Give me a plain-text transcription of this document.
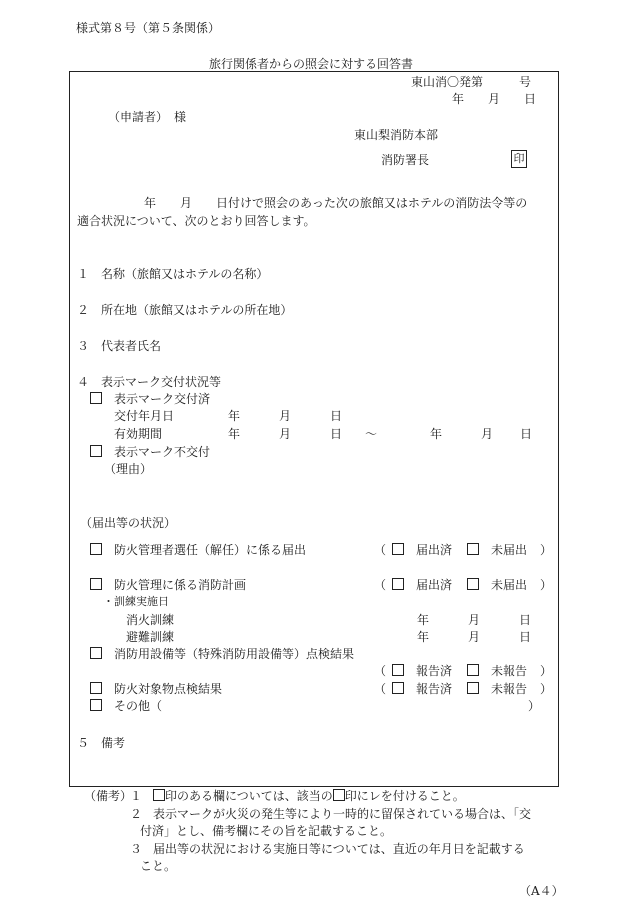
様式第８号（第５条関係）
旅行関係者からの照会に対する回答書
東山消〇発第　　　号
年　　月　　日
（申請者）　様
東山梨消防本部
消防署長	印
年　　月　　日付けで照会のあった次の旅館又はホテルの消防法令等の
適合状況について、次のとおり回答します。
１　名称（旅館又はホテルの名称）
２　所在地（旅館又はホテルの所在地）
３　代表者氏名
４　表示マーク交付状況等
表示マーク交付済
交付年月日	年	月	日
有効期間	年	月	日 ～	年	月 日
表示マーク不交付
（理由）
（届出等の状況）
防火管理者選任（解任）に係る届出	（ 届出済	未届出 ）
防火管理に係る消防計画	（ 届出済	未届出 ）
・訓練実施日
消火訓練	年	月	日
避難訓練	年	月	日
消防用設備等（特殊消防用設備等）点検結果
（ 報告済	未報告 ）
防火対象物点検結果	（ 報告済	未報告 ）
その他（	）
５　備考
（備考）
１	印のある欄については、該当の 印にレを付けること。
２ 表示マークが火災の発生等により一時的に留保されている場合は、「交
付済」とし、備考欄にその旨を記載すること。
３ 届出等の状況における実施日等については、直近の年月日を記載する
こと。
（A４）
